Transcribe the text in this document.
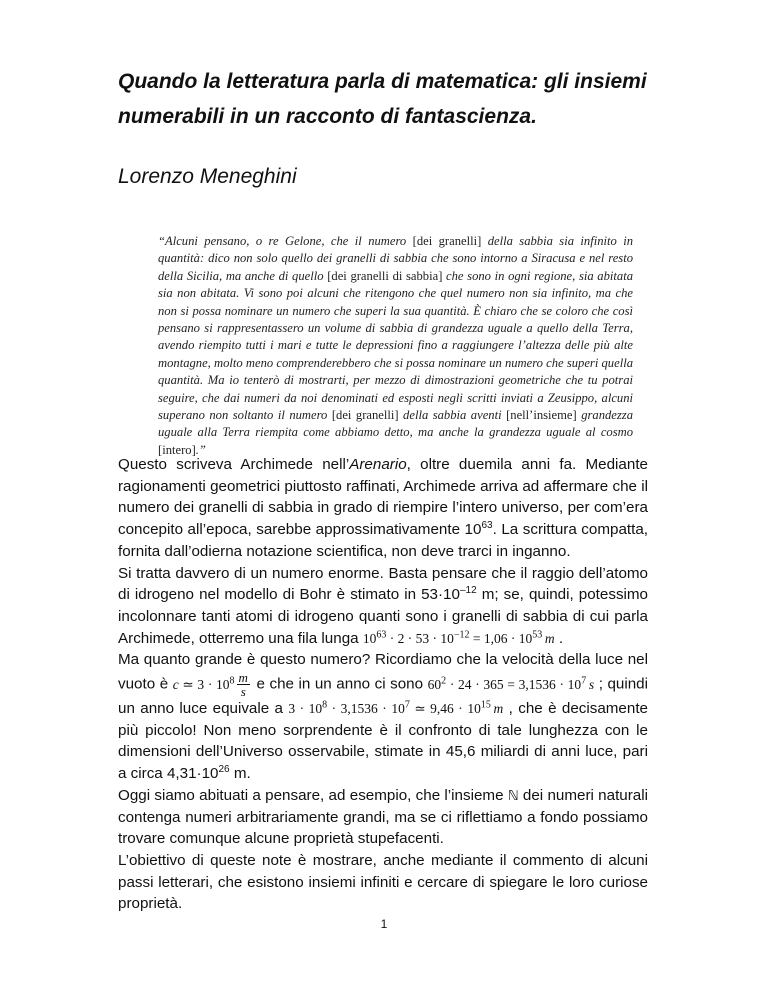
Quando la letteratura parla di matematica: gli insiemi numerabili in un racconto di fantascienza.
Lorenzo Meneghini

“Alcuni pensano, o re Gelone, che il numero [dei granelli] della sabbia sia infinito in quantità: dico non solo quello dei granelli di sabbia che sono intorno a Siracusa e nel resto della Sicilia, ma anche di quello [dei granelli di sabbia] che sono in ogni regione, sia abitata sia non abitata. Vi sono poi alcuni che ritengono che quel numero non sia infinito, ma che non si possa nominare un numero che superi la sua quantità. È chiaro che se coloro che così pensano si rappresentassero un volume di sabbia di grandezza uguale a quello della Terra, avendo riempito tutti i mari e tutte le depressioni fino a raggiungere l’altezza delle più alte montagne, molto meno comprenderebbero che si possa nominare un numero che superi quella quantità. Ma io tenterò di mostrarti, per mezzo di dimostrazioni geometriche che tu potrai seguire, che dai numeri da noi denominati ed esposti negli scritti inviati a Zeusippo, alcuni superano non soltanto il numero [dei granelli] della sabbia aventi [nell’insieme] grandezza uguale alla Terra riempita come abbiamo detto, ma anche la grandezza uguale al cosmo [intero].”

Questo scriveva Archimede nell’Arenario, oltre duemila anni fa. Mediante ragionamenti geometrici piuttosto raffinati, Archimede arriva ad affermare che il numero dei granelli di sabbia in grado di riempire l’intero universo, per com’era concepito all’epoca, sarebbe approssimativamente $10^{63}$. La scrittura compatta, fornita dall’odierna notazione scientifica, non deve trarci in inganno.

Si tratta davvero di un numero enorme. Basta pensare che il raggio dell’atomo di idrogeno nel modello di Bohr è stimato in $53\cdot 10^{-12}$ m; se, quindi, potessimo incolonnare tanti atomi di idrogeno quanti sono i granelli di sabbia di cui parla Archimede, otterremo una fila lunga $10^{63} \cdot 2 \cdot 53 \cdot 10^{-12} = 1,06 \cdot 10^{53}$  m .

Ma quanto grande è questo numero? Ricordiamo che la velocità della luce nel vuoto è c ≃ $3 \cdot 10^8 \frac{m}{s}$ e che in un anno ci sono $60^2 \cdot 24 \cdot 365 = 3,1536 \cdot 10^7$  s ; quindi un anno luce equivale a $3 \cdot 10^8 \cdot 3,1536 \cdot 10^7$ ≃ $9,46 \cdot 10^{15}$  m , che è decisamente più piccolo! Non meno sorprendente è il confronto di tale lunghezza con le dimensioni dell’Universo osservabile, stimate in 45,6 miliardi di anni luce, pari a circa $4,31\cdot 10^{26}$ m.

Oggi siamo abituati a pensare, ad esempio, che l’insieme ℕ dei numeri naturali contenga numeri arbitrariamente grandi, ma se ci riflettiamo a fondo possiamo trovare comunque alcune proprietà stupefacenti.

L’obiettivo di queste note è mostrare, anche mediante il commento di alcuni passi letterari, che esistono insiemi infiniti e cercare di spiegare le loro curiose proprietà.

1
